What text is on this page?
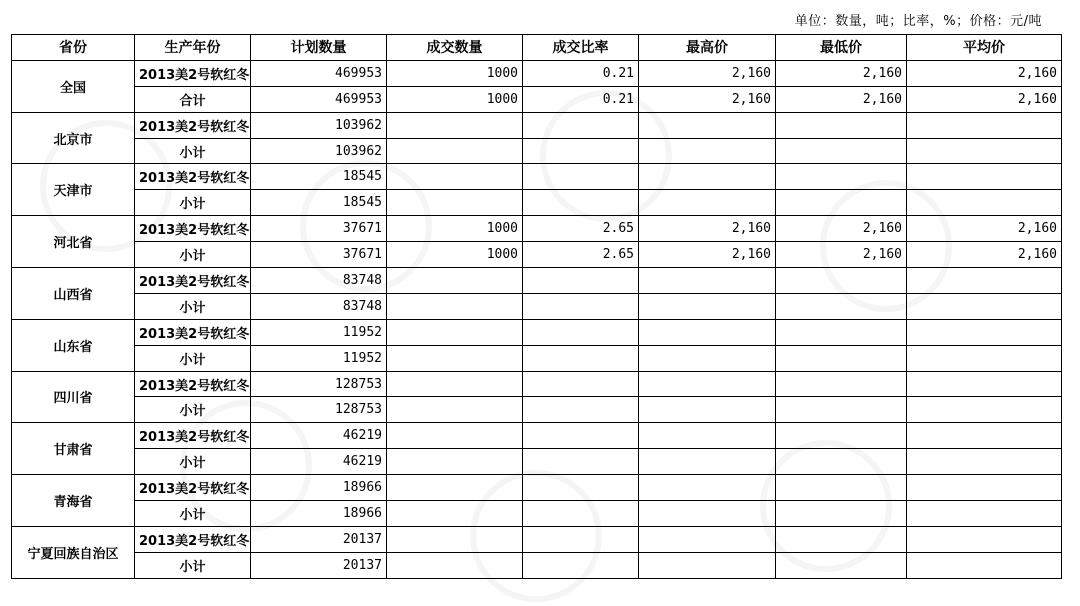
单位：数量，吨；比率，%；价格：元/吨
省份	生产年份	计划数量	成交数量	成交比率	最高价	最低价	平均价
全国	2013美2号软红冬	469953	1000	0.21	2,160	2,160	2,160
	合计	469953	1000	0.21	2,160	2,160	2,160
北京市	2013美2号软红冬	103962					
	小计	103962					
天津市	2013美2号软红冬	18545					
	小计	18545					
河北省	2013美2号软红冬	37671	1000	2.65	2,160	2,160	2,160
	小计	37671	1000	2.65	2,160	2,160	2,160
山西省	2013美2号软红冬	83748					
	小计	83748					
山东省	2013美2号软红冬	11952					
	小计	11952					
四川省	2013美2号软红冬	128753					
	小计	128753					
甘肃省	2013美2号软红冬	46219					
	小计	46219					
青海省	2013美2号软红冬	18966					
	小计	18966					
宁夏回族自治区	2013美2号软红冬	20137					
	小计	20137					
